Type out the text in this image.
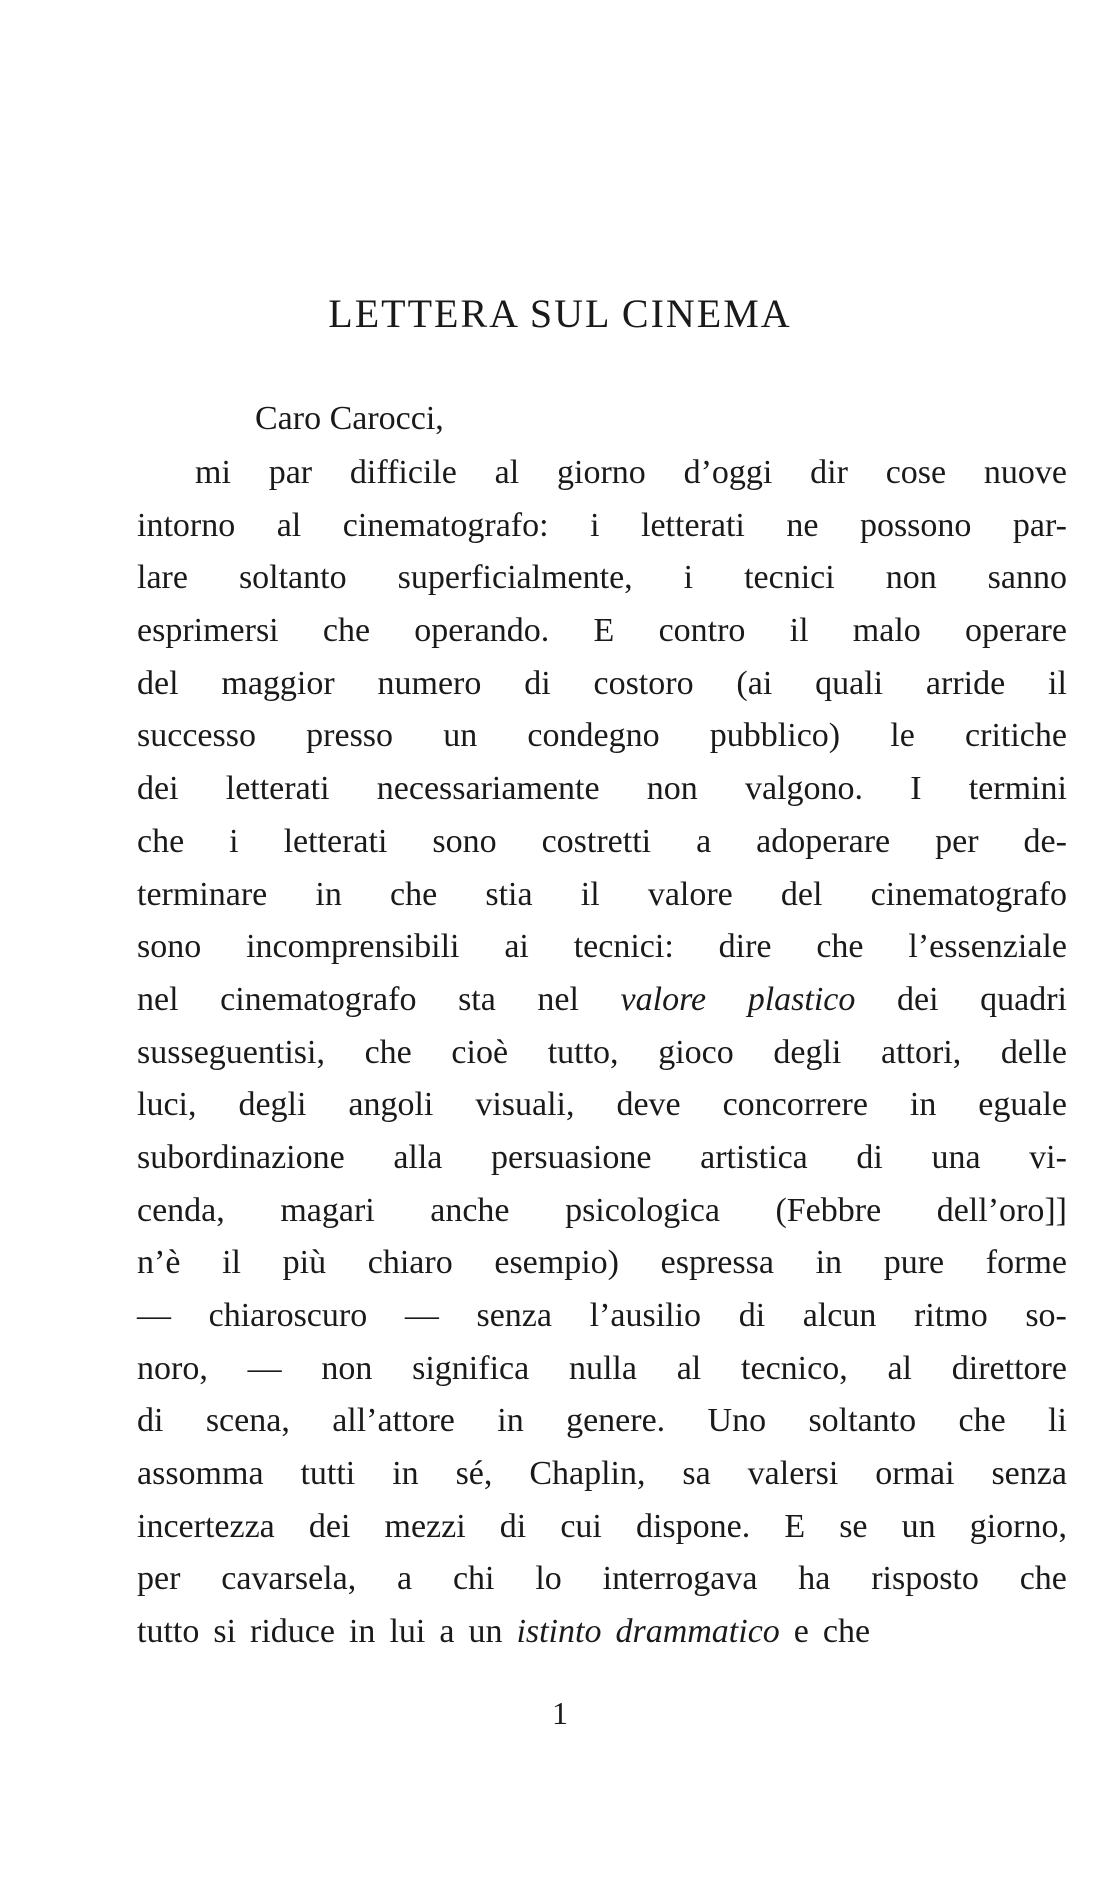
LETTERA SUL CINEMA

Caro Carocci,

mi par difficile al giorno d’oggi dir cose nuove
intorno al cinematografo: i letterati ne possono par-
lare soltanto superficialmente, i tecnici non sanno
esprimersi che operando. E contro il malo operare
del maggior numero di costoro (ai quali arride il
successo presso un condegno pubblico) le critiche
dei letterati necessariamente non valgono. I termini
che i letterati sono costretti a adoperare per de-
terminare in che stia il valore del cinematografo
sono incomprensibili ai tecnici: dire che l’essenziale
nel cinematografo sta nel valore plastico dei quadri
susseguentisi, che cioè tutto, gioco degli attori, delle
luci, degli angoli visuali, deve concorrere in eguale
subordinazione alla persuasione artistica di una vi-
cenda, magari anche psicologica (Febbre dell’oro]]
n’è il più chiaro esempio) espressa in pure forme
— chiaroscuro — senza l’ausilio di alcun ritmo so-
noro, — non significa nulla al tecnico, al direttore
di scena, all’attore in genere. Uno soltanto che li
assomma tutti in sé, Chaplin, sa valersi ormai senza
incertezza dei mezzi di cui dispone. E se un giorno,
per cavarsela, a chi lo interrogava ha risposto che
tutto si riduce in lui a un istinto drammatico e che

1
